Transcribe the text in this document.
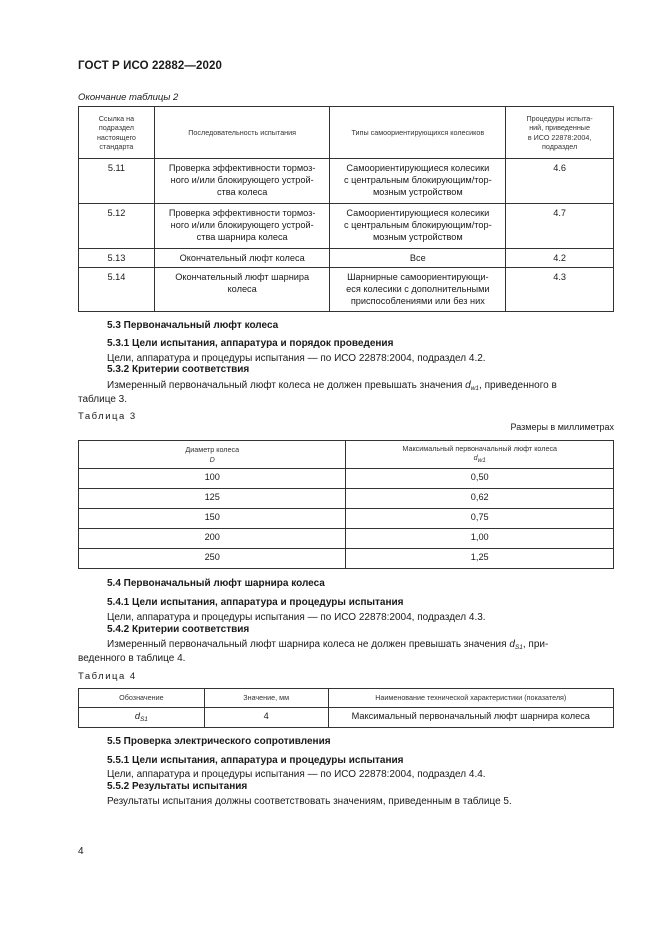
ГОСТ Р ИСО 22882—2020
Окончание таблицы 2
Ссылка на
подраздел
настоящего
стандарта	Последовательность испытания	Типы самоориентирующихся колесиков	Процедуры испыта-
ний, приведенные
в ИСО 22878:2004,
подраздел

5.11	Проверка эффективности тормоз-
ного и/или блокирующего устрой-
ства колеса	Самоориентирующиеся колесики
с центральным блокирующим/тор-
мозным устройством	4.6
5.12	Проверка эффективности тормоз-
ного и/или блокирующего устрой-
ства шарнира колеса	Самоориентирующиеся колесики
с центральным блокирующим/тор-
мозным устройством	4.7
5.13	Окончательный люфт колеса	Все	4.2
5.14	Окончательный люфт шарнира
колеса	Шарнирные самоориентирующи-
еся колесики с дополнительными
приспособлениями или без них	4.3
5.3 Первоначальный люфт колеса
5.3.1 Цели испытания, аппаратура и порядок проведения
Цели, аппаратура и процедуры испытания — по ИСО 22878:2004, подраздел 4.2.
5.3.2 Критерии соответствия
Измеренный первоначальный люфт колеса не должен превышать значения $d_{w1}$, приведенного в
таблице 3.
Таблица 3
Размеры в миллиметрах
Диаметр колеса
D	Максимальный первоначальный люфт колеса
dw1

100	0,50
125	0,62
150	0,75
200	1,00
250	1,25
5.4 Первоначальный люфт шарнира колеса
5.4.1 Цели испытания, аппаратура и процедуры испытания
Цели, аппаратура и процедуры испытания — по ИСО 22878:2004, подраздел 4.3.
5.4.2 Критерии соответствия
Измеренный первоначальный люфт шарнира колеса не должен превышать значения $d_{S1}$, при-
веденного в таблице 4.
Таблица 4
Обозначение	Значение, мм	Наименование технической характеристики (показателя)
$d_{S1}$	4	Максимальный первоначальный люфт шарнира колеса
5.5 Проверка электрического сопротивления
5.5.1 Цели испытания, аппаратура и процедуры испытания
Цели, аппаратура и процедуры испытания — по ИСО 22878:2004, подраздел 4.4.
5.5.2 Результаты испытания
Результаты испытания должны соответствовать значениям, приведенным в таблице 5.
4
